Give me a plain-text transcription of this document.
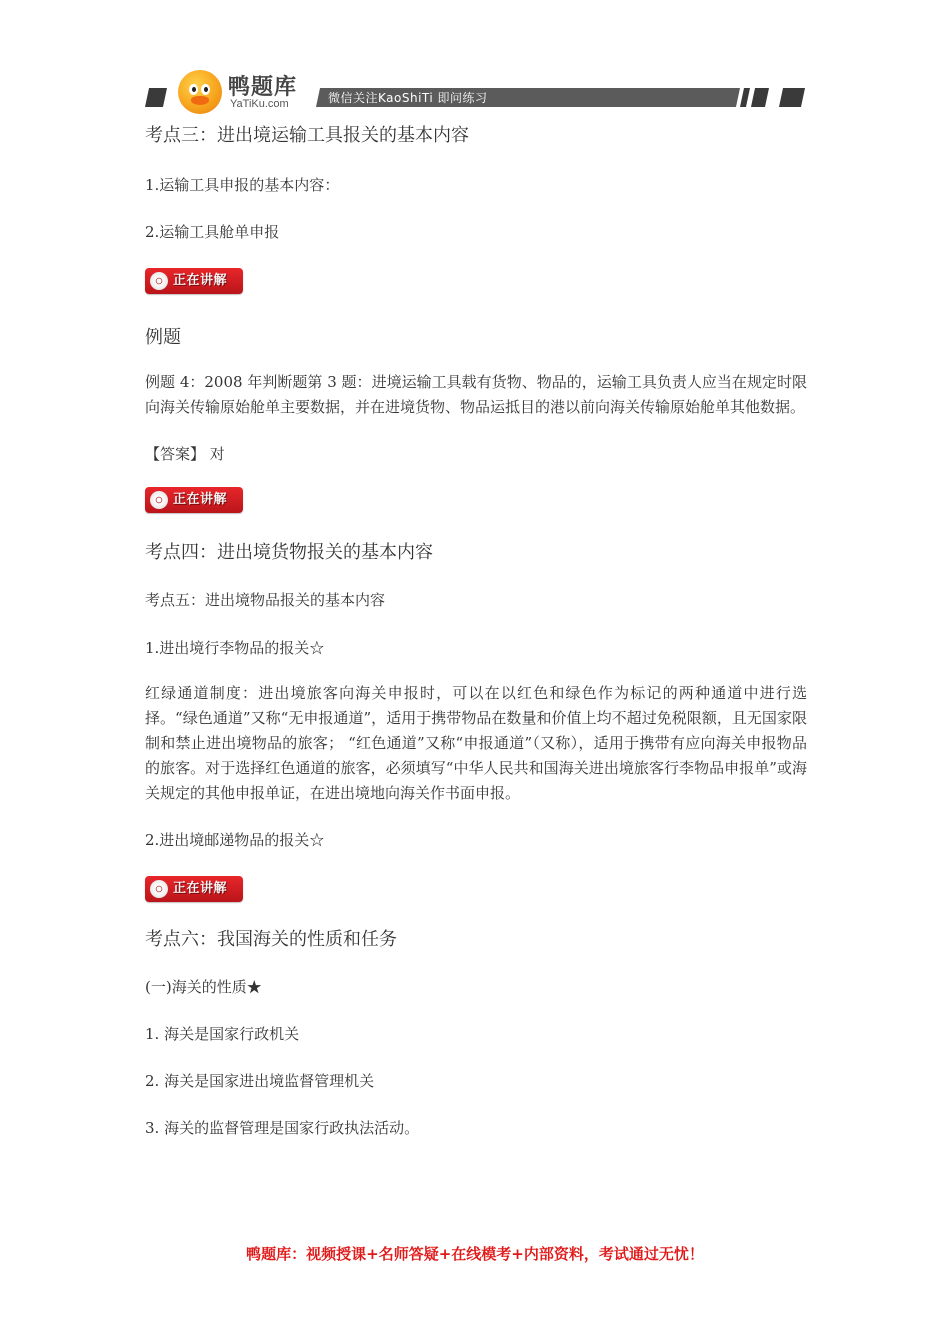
鸭题库
YaTiKu.com	微信关注KaoShiTi 即问练习

考点三：进出境运输工具报关的基本内容

1.运输工具申报的基本内容：

2.运输工具舱单申报

正在讲解

例题

例题 4：2008 年判断题第 3 题：进境运输工具载有货物、物品的，运输工具负责人应当在规定时限向海关传输原始舱单主要数据，并在进境货物、物品运抵目的港以前向海关传输原始舱单其他数据。

【答案】 对

正在讲解

考点四：进出境货物报关的基本内容

考点五：进出境物品报关的基本内容

1.进出境行李物品的报关☆

红绿通道制度：进出境旅客向海关申报时，可以在以红色和绿色作为标记的两种通道中进行选择。“绿色通道”又称“无申报通道”，适用于携带物品在数量和价值上均不超过免税限额，且无国家限制和禁止进出境物品的旅客； “红色通道”又称“申报通道”（又称），适用于携带有应向海关申报物品的旅客。对于选择红色通道的旅客，必须填写“中华人民共和国海关进出境旅客行李物品申报单”或海关规定的其他申报单证，在进出境地向海关作书面申报。

2.进出境邮递物品的报关☆

正在讲解

考点六：我国海关的性质和任务

(一)海关的性质★

1. 海关是国家行政机关

2. 海关是国家进出境监督管理机关

3. 海关的监督管理是国家行政执法活动。

鸭题库：视频授课+名师答疑+在线模考+内部资料，考试通过无忧！
